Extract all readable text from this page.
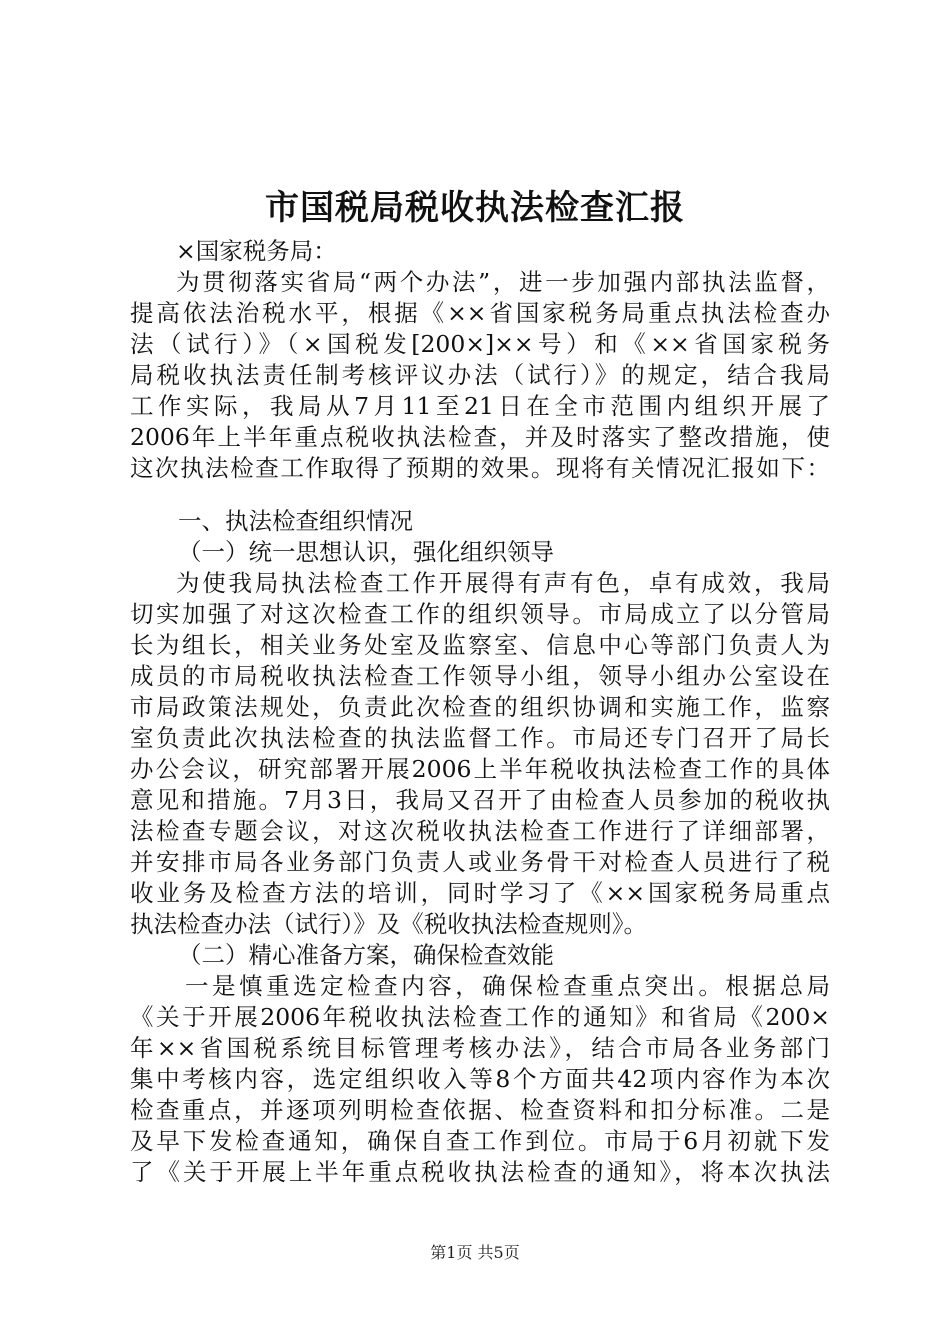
市国税局税收执法检查汇报
×国家税务局：
为贯彻落实省局“两个办法”，进一步加强内部执法监督，
提高依法治税水平，根据《××省国家税务局重点执法检查办
法（试行）》（×国税发[200×]××号）和《××省国家税务
局税收执法责任制考核评议办法（试行）》的规定，结合我局
工作实际，我局从7月11至21日在全市范围内组织开展了
2006年上半年重点税收执法检查，并及时落实了整改措施，使
这次执法检查工作取得了预期的效果。现将有关情况汇报如下：
一、执法检查组织情况
（一）统一思想认识，强化组织领导
为使我局执法检查工作开展得有声有色，卓有成效，我局
切实加强了对这次检查工作的组织领导。市局成立了以分管局
长为组长，相关业务处室及监察室、信息中心等部门负责人为
成员的市局税收执法检查工作领导小组，领导小组办公室设在
市局政策法规处，负责此次检查的组织协调和实施工作，监察
室负责此次执法检查的执法监督工作。市局还专门召开了局长
办公会议，研究部署开展2006上半年税收执法检查工作的具体
意见和措施。7月3日，我局又召开了由检查人员参加的税收执
法检查专题会议，对这次税收执法检查工作进行了详细部署，
并安排市局各业务部门负责人或业务骨干对检查人员进行了税
收业务及检查方法的培训，同时学习了《××国家税务局重点
执法检查办法（试行）》及《税收执法检查规则》。
（二）精心准备方案，确保检查效能
一是慎重选定检查内容，确保检查重点突出。根据总局
《关于开展2006年税收执法检查工作的通知》和省局《200×
年××省国税系统目标管理考核办法》，结合市局各业务部门
集中考核内容，选定组织收入等8个方面共42项内容作为本次
检查重点，并逐项列明检查依据、检查资料和扣分标准。二是
及早下发检查通知，确保自查工作到位。市局于6月初就下发
了《关于开展上半年重点税收执法检查的通知》，将本次执法
第1页 共5页
